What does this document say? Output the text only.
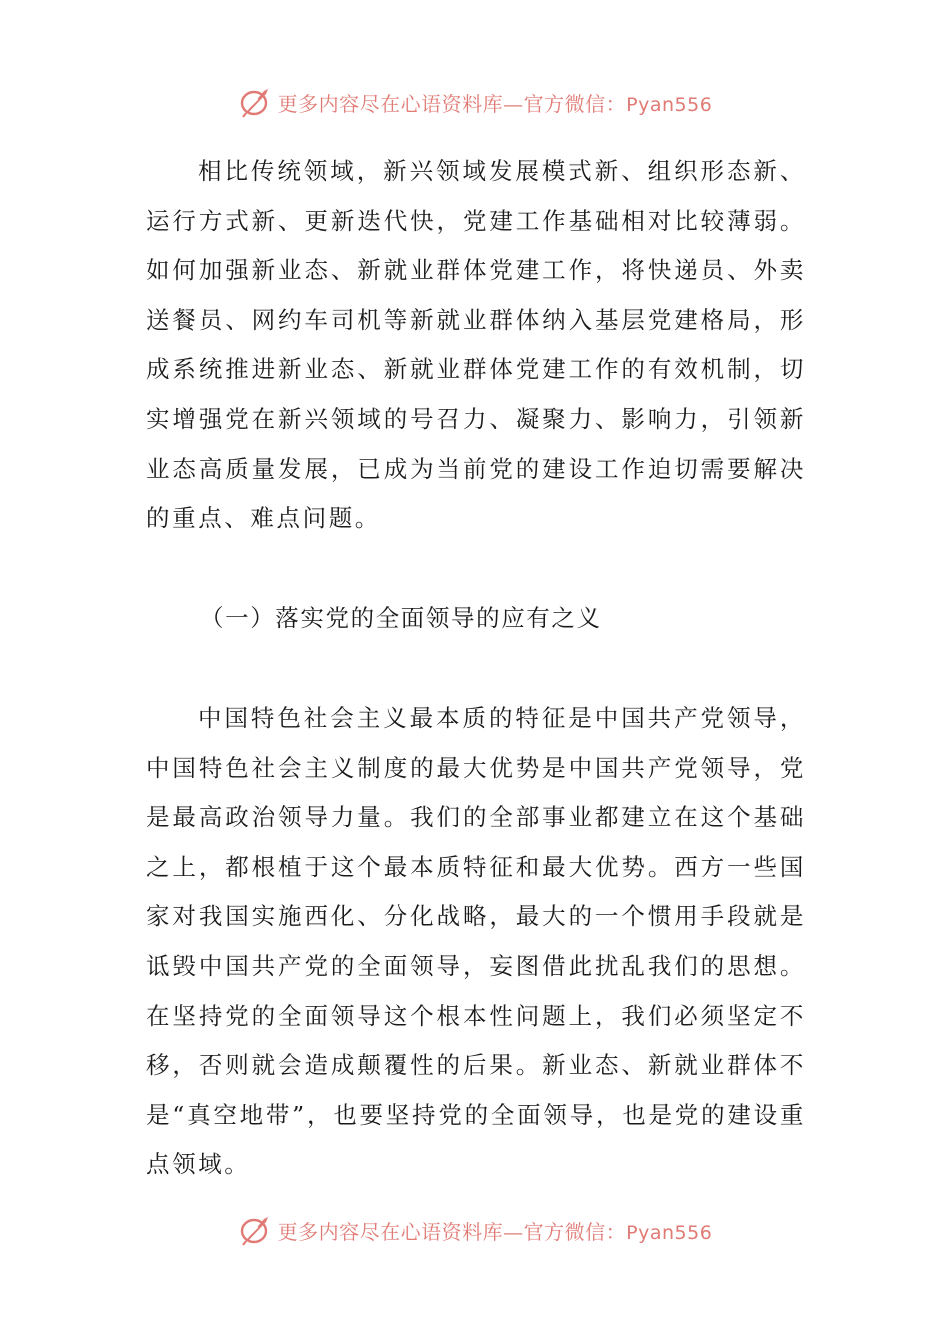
更多内容尽在心语资料库—官方微信：Pyan556

相比传统领域，新兴领域发展模式新、组织形态新、运行方式新、更新迭代快，党建工作基础相对比较薄弱。如何加强新业态、新就业群体党建工作，将快递员、外卖送餐员、网约车司机等新就业群体纳入基层党建格局，形成系统推进新业态、新就业群体党建工作的有效机制，切实增强党在新兴领域的号召力、凝聚力、影响力，引领新业态高质量发展，已成为当前党的建设工作迫切需要解决的重点、难点问题。

（一）落实党的全面领导的应有之义

中国特色社会主义最本质的特征是中国共产党领导，中国特色社会主义制度的最大优势是中国共产党领导，党是最高政治领导力量。我们的全部事业都建立在这个基础之上，都根植于这个最本质特征和最大优势。西方一些国家对我国实施西化、分化战略，最大的一个惯用手段就是诋毁中国共产党的全面领导，妄图借此扰乱我们的思想。在坚持党的全面领导这个根本性问题上，我们必须坚定不移，否则就会造成颠覆性的后果。新业态、新就业群体不是“真空地带”，也要坚持党的全面领导，也是党的建设重点领域。

更多内容尽在心语资料库—官方微信：Pyan556
